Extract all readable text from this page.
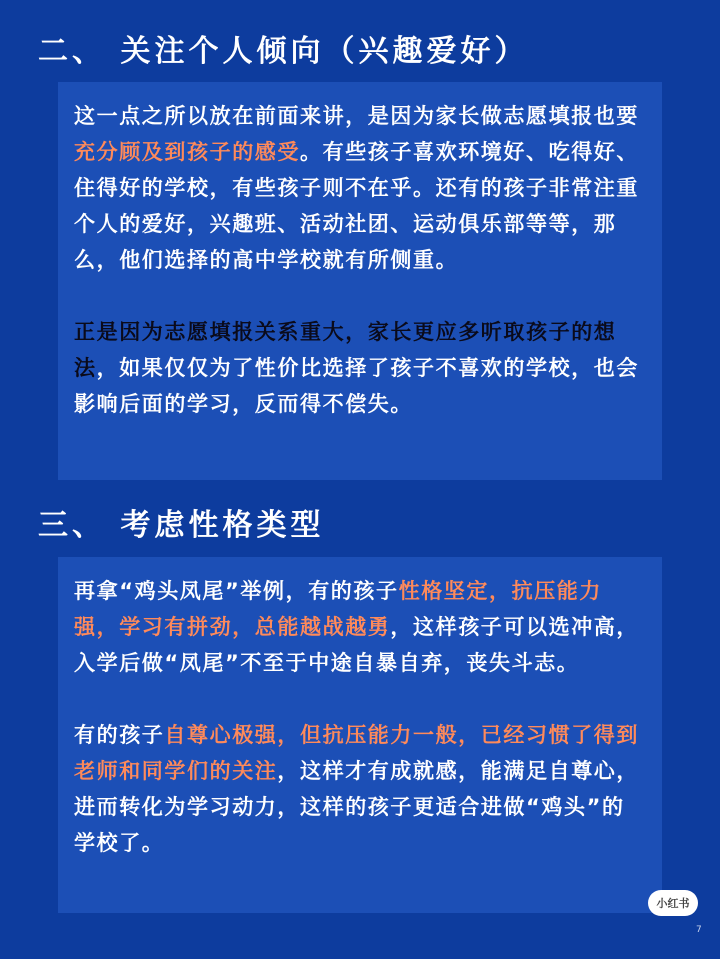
二、 关注个人倾向（兴趣爱好）

这一点之所以放在前面来讲，是因为家长做志愿填报也要充分顾及到孩子的感受。有些孩子喜欢环境好、吃得好、住得好的学校，有些孩子则不在乎。还有的孩子非常注重个人的爱好，兴趣班、活动社团、运动俱乐部等等，那么，他们选择的高中学校就有所侧重。

正是因为志愿填报关系重大，家长更应多听取孩子的想法，如果仅仅为了性价比选择了孩子不喜欢的学校，也会影响后面的学习，反而得不偿失。

三、 考虑性格类型

再拿“鸡头凤尾”举例，有的孩子性格坚定，抗压能力强，学习有拼劲，总能越战越勇，这样孩子可以选冲高，入学后做“凤尾”不至于中途自暴自弃，丧失斗志。

有的孩子自尊心极强，但抗压能力一般，已经习惯了得到老师和同学们的关注，这样才有成就感，能满足自尊心，进而转化为学习动力，这样的孩子更适合进做“鸡头”的学校了。

小红书
7
